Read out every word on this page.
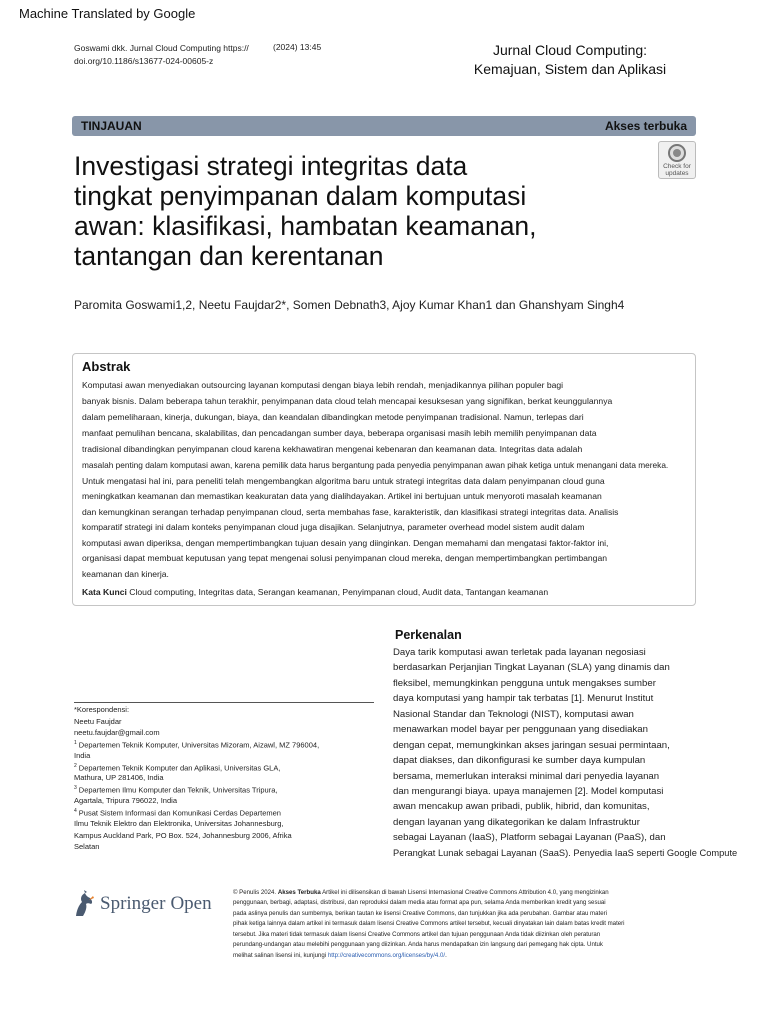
Machine Translated by Google
Goswami dkk. Jurnal Cloud Computing https://
doi.org/10.1186/s13677-024-00605-z
(2024) 13:45	Jurnal Cloud Computing:
Kemajuan, Sistem dan Aplikasi
TINJAUAN	Akses terbuka
Check for
updates
Investigasi strategi integritas data
tingkat penyimpanan dalam komputasi
awan: klasifikasi, hambatan keamanan,
tantangan dan kerentanan
Paromita Goswami1,2, Neetu Faujdar2*, Somen Debnath3, Ajoy Kumar Khan1 dan Ghanshyam Singh4
Abstrak
Komputasi awan menyediakan outsourcing layanan komputasi dengan biaya lebih rendah, menjadikannya pilihan populer bagi
banyak bisnis. Dalam beberapa tahun terakhir, penyimpanan data cloud telah mencapai kesuksesan yang signifikan, berkat keunggulannya
dalam pemeliharaan, kinerja, dukungan, biaya, dan keandalan dibandingkan metode penyimpanan tradisional. Namun, terlepas dari
manfaat pemulihan bencana, skalabilitas, dan pencadangan sumber daya, beberapa organisasi masih lebih memilih penyimpanan data
tradisional dibandingkan penyimpanan cloud karena kekhawatiran mengenai kebenaran dan keamanan data. Integritas data adalah
masalah penting dalam komputasi awan, karena pemilik data harus bergantung pada penyedia penyimpanan awan pihak ketiga untuk menangani data mereka.
Untuk mengatasi hal ini, para peneliti telah mengembangkan algoritma baru untuk strategi integritas data dalam penyimpanan cloud guna
meningkatkan keamanan dan memastikan keakuratan data yang dialihdayakan. Artikel ini bertujuan untuk menyoroti masalah keamanan
dan kemungkinan serangan terhadap penyimpanan cloud, serta membahas fase, karakteristik, dan klasifikasi strategi integritas data. Analisis
komparatif strategi ini dalam konteks penyimpanan cloud juga disajikan. Selanjutnya, parameter overhead model sistem audit dalam
komputasi awan diperiksa, dengan mempertimbangkan tujuan desain yang diinginkan. Dengan memahami dan mengatasi faktor-faktor ini,
organisasi dapat membuat keputusan yang tepat mengenai solusi penyimpanan cloud mereka, dengan mempertimbangkan pertimbangan
keamanan dan kinerja.
Kata Kunci Cloud computing, Integritas data, Serangan keamanan, Penyimpanan cloud, Audit data, Tantangan keamanan
Perkenalan
Daya tarik komputasi awan terletak pada layanan negosiasi
berdasarkan Perjanjian Tingkat Layanan (SLA) yang dinamis dan
fleksibel, memungkinkan pengguna untuk mengakses sumber
daya komputasi yang hampir tak terbatas [1]. Menurut Institut
Nasional Standar dan Teknologi (NIST), komputasi awan
menawarkan model bayar per penggunaan yang disediakan
dengan cepat, memungkinkan akses jaringan sesuai permintaan,
dapat diakses, dan dikonfigurasi ke sumber daya kumpulan
bersama, memerlukan interaksi minimal dari penyedia layanan
dan mengurangi biaya. upaya manajemen [2]. Model komputasi
awan mencakup awan pribadi, publik, hibrid, dan komunitas,
dengan layanan yang dikategorikan ke dalam Infrastruktur
sebagai Layanan (IaaS), Platform sebagai Layanan (PaaS), dan
Perangkat Lunak sebagai Layanan (SaaS). Penyedia IaaS seperti Google Compute
*Korespondensi:
Neetu Faujdar
neetu.faujdar@gmail.com
$^1$ Departemen Teknik Komputer, Universitas Mizoram, Aizawl, MZ 796004,
India
$^2$ Departemen Teknik Komputer dan Aplikasi, Universitas GLA,
Mathura, UP 281406, India
$^3$ Departemen Ilmu Komputer dan Teknik, Universitas Tripura,
Agartala, Tripura 796022, India
$^4$ Pusat Sistem Informasi dan Komunikasi Cerdas Departemen
Ilmu Teknik Elektro dan Elektronika, Universitas Johannesburg,
Kampus Auckland Park, PO Box. 524, Johannesburg 2006, Afrika
Selatan
Springer Open
© Penulis 2024. Akses Terbuka Artikel ini dilisensikan di bawah Lisensi Internasional Creative Commons Attribution 4.0, yang mengizinkan
penggunaan, berbagi, adaptasi, distribusi, dan reproduksi dalam media atau format apa pun, selama Anda memberikan kredit yang sesuai
pada aslinya penulis dan sumbernya, berikan tautan ke lisensi Creative Commons, dan tunjukkan jika ada perubahan. Gambar atau materi
pihak ketiga lainnya dalam artikel ini termasuk dalam lisensi Creative Commons artikel tersebut, kecuali dinyatakan lain dalam batas kredit materi
tersebut. Jika materi tidak termasuk dalam lisensi Creative Commons artikel dan tujuan penggunaan Anda tidak diizinkan oleh peraturan
perundang-undangan atau melebihi penggunaan yang diizinkan. Anda harus mendapatkan izin langsung dari pemegang hak cipta. Untuk
melihat salinan lisensi ini, kunjungi http://creativecommons.org/licenses/by/4.0/.
